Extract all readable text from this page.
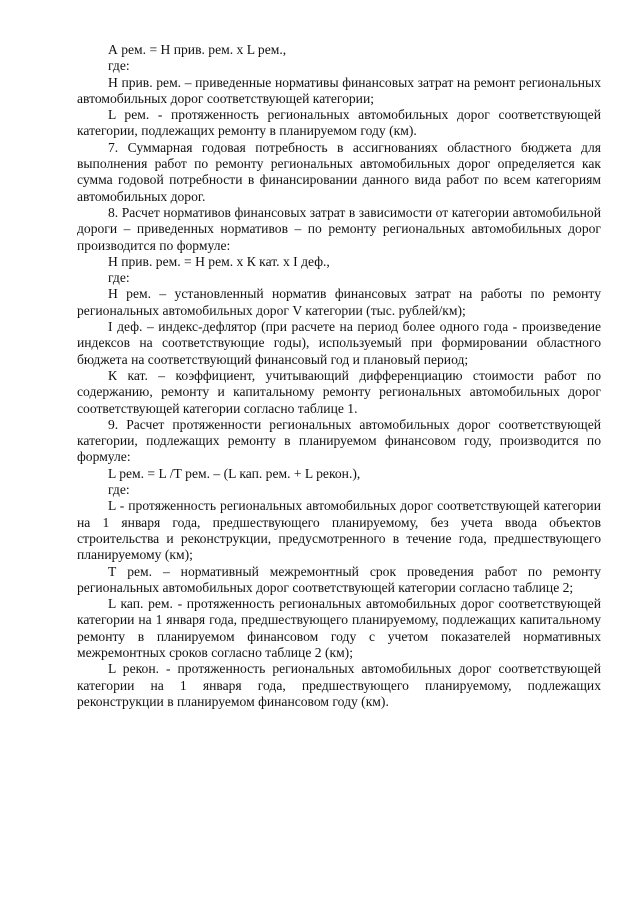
А рем. = Н прив. рем. х L рем.,

где:

Н прив. рем. – приведенные нормативы финансовых затрат на ремонт региональных автомобильных дорог соответствующей категории;

L рем. - протяженность региональных автомобильных дорог соответствующей категории, подлежащих ремонту в планируемом году (км).

7. Суммарная годовая потребность в ассигнованиях областного бюджета для выполнения работ по ремонту региональных автомобильных дорог определяется как сумма годовой потребности в финансировании данного вида работ по всем категориям автомобильных дорог.

8. Расчет нормативов финансовых затрат в зависимости от категории автомобильной дороги – приведенных нормативов – по ремонту региональных автомобильных дорог производится по формуле:

Н прив. рем. = Н рем. х К кат. х I деф.,

где:

Н рем. – установленный норматив финансовых затрат на работы по ремонту региональных автомобильных дорог V категории (тыс. рублей/км);

I деф. – индекс-дефлятор (при расчете на период более одного года - произведение индексов на соответствующие годы), используемый при формировании областного бюджета на соответствующий финансовый год и плановый период;

К кат. – коэффициент, учитывающий дифференциацию стоимости работ по содержанию, ремонту и капитальному ремонту региональных автомобильных дорог соответствующей категории согласно таблице 1.

9. Расчет протяженности региональных автомобильных дорог соответствующей категории, подлежащих ремонту в планируемом финансовом году, производится по формуле:

L рем. = L /Т рем. – (L кап. рем. + L рекон.),

где:

L - протяженность региональных автомобильных дорог соответствующей категории на 1 января года, предшествующего планируемому, без учета ввода объектов строительства и реконструкции, предусмотренного в течение года, предшествующего планируемому (км);

Т рем. – нормативный межремонтный срок проведения работ по ремонту региональных автомобильных дорог соответствующей категории согласно таблице 2;

L кап. рем. - протяженность региональных автомобильных дорог соответствующей категории на 1 января года, предшествующего планируемому, подлежащих капитальному ремонту в планируемом финансовом году с учетом показателей нормативных межремонтных сроков согласно таблице 2 (км);

L рекон. - протяженность региональных автомобильных дорог соответствующей категории на 1 января года, предшествующего планируемому, подлежащих реконструкции в планируемом финансовом году (км).
